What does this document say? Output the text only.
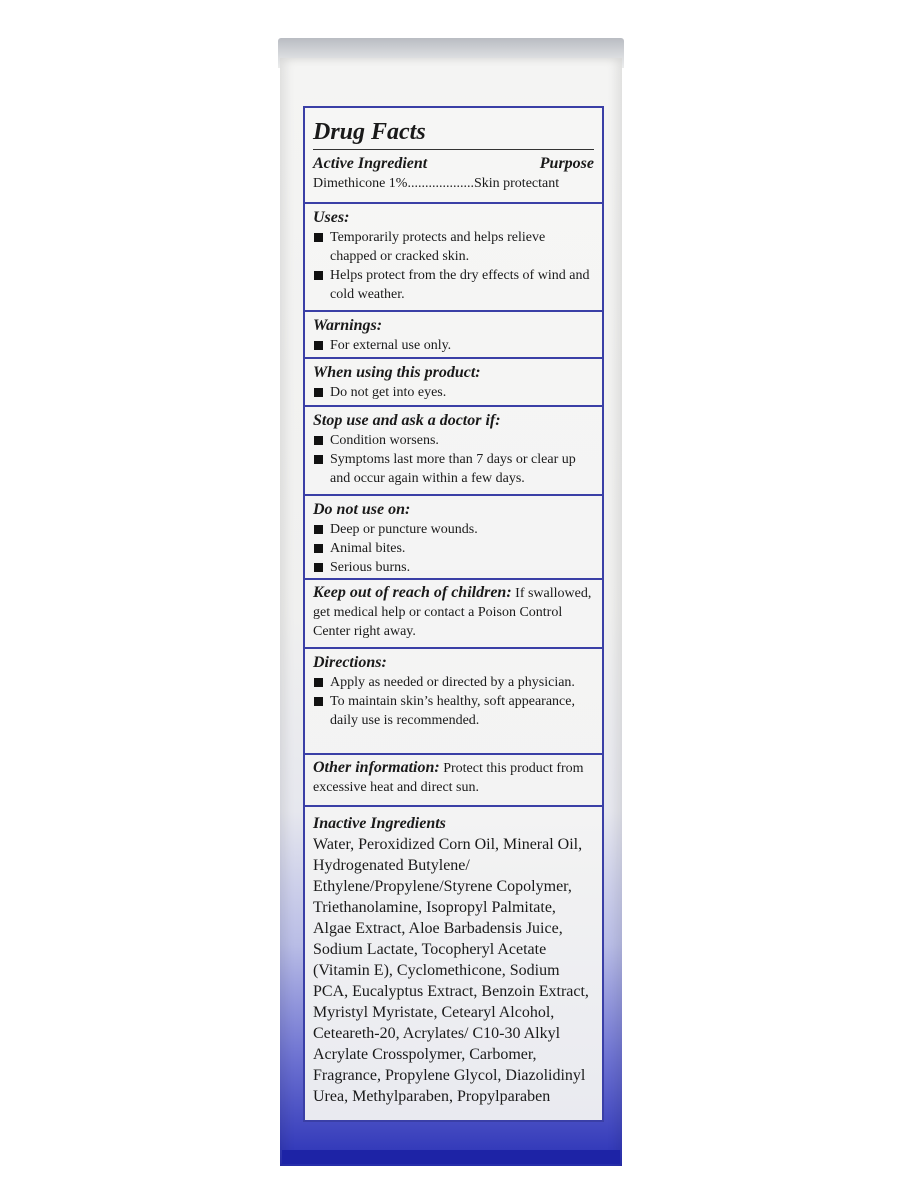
Drug Facts
Active Ingredient	Purpose
Dimethicone 1%...................Skin protectant
Uses:
Temporarily protects and helps relieve chapped or cracked skin.
Helps protect from the dry effects of wind and cold weather.
Warnings:
For external use only.
When using this product:
Do not get into eyes.
Stop use and ask a doctor if:
Condition worsens.
Symptoms last more than 7 days or clear up and occur again within a few days.
Do not use on:
Deep or puncture wounds.
Animal bites.
Serious burns.
Keep out of reach of children: If swallowed, get medical help or contact a Poison Control Center right away.
Directions:
Apply as needed or directed by a physician.
To maintain skin’s healthy, soft appearance, daily use is recommended.
Other information: Protect this product from excessive heat and direct sun.
Inactive Ingredients
Water, Peroxidized Corn Oil, Mineral Oil, Hydrogenated Butylene/ Ethylene/Propylene/Styrene Copolymer, Triethanolamine, Isopropyl Palmitate, Algae Extract, Aloe Barbadensis Juice, Sodium Lactate, Tocopheryl Acetate (Vitamin E), Cyclomethicone, Sodium PCA, Eucalyptus Extract, Benzoin Extract, Myristyl Myristate, Cetearyl Alcohol, Ceteareth-20, Acrylates/ C10-30 Alkyl Acrylate Crosspolymer, Carbomer, Fragrance, Propylene Glycol, Diazolidinyl Urea, Methylparaben, Propylparaben
